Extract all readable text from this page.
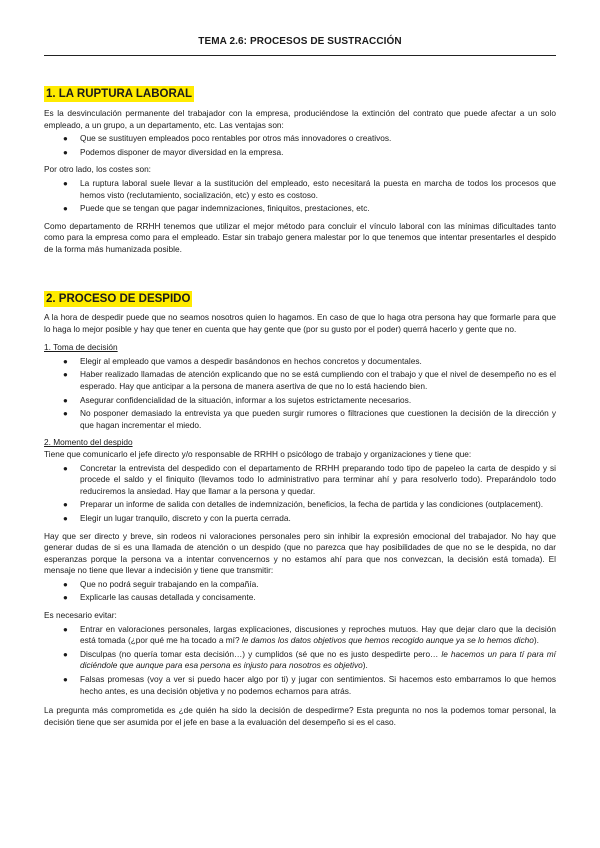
TEMA 2.6: PROCESOS DE SUSTRACCIÓN
1. LA RUPTURA LABORAL

Es la desvinculación permanente del trabajador con la empresa, produciéndose la extinción del contrato que puede afectar a un solo empleado, a un grupo, a un departamento, etc. Las ventajas son:

● Que se sustituyen empleados poco rentables por otros más innovadores o creativos.
● Podemos disponer de mayor diversidad en la empresa.

Por otro lado, los costes son:

● La ruptura laboral suele llevar a la sustitución del empleado, esto necesitará la puesta en marcha de todos los procesos que hemos visto (reclutamiento, socialización, etc) y esto es costoso.
● Puede que se tengan que pagar indemnizaciones, finiquitos, prestaciones, etc.

Como departamento de RRHH tenemos que utilizar el mejor método para concluir el vínculo laboral con las mínimas dificultades tanto como para la empresa como para el empleado. Estar sin trabajo genera malestar por lo que tenemos que intentar presentarles el despido de la forma más humanizada posible.

2. PROCESO DE DESPIDO

A la hora de despedir puede que no seamos nosotros quien lo hagamos. En caso de que lo haga otra persona hay que formarle para que lo haga lo mejor posible y hay que tener en cuenta que hay gente que (por su gusto por el poder) querrá hacerlo y gente que no.

1. Toma de decisión

● Elegir al empleado que vamos a despedir basándonos en hechos concretos y documentales.
● Haber realizado llamadas de atención explicando que no se está cumpliendo con el trabajo y que el nivel de desempeño no es el esperado. Hay que anticipar a la persona de manera asertiva de que no lo está haciendo bien.
● Asegurar confidencialidad de la situación, informar a los sujetos estrictamente necesarios.
● No posponer demasiado la entrevista ya que pueden surgir rumores o filtraciones que cuestionen la decisión de la dirección y que hagan incrementar el miedo.

2. Momento del despido

Tiene que comunicarlo el jefe directo y/o responsable de RRHH o psicólogo de trabajo y organizaciones y tiene que:

● Concretar la entrevista del despedido con el departamento de RRHH preparando todo tipo de papeleo la carta de despido y si procede el saldo y el finiquito (llevamos todo lo administrativo para terminar ahí y para resolverlo todo). Preparándolo todo reduciremos la ansiedad. Hay que llamar a la persona y quedar.
● Preparar un informe de salida con detalles de indemnización, beneficios, la fecha de partida y las condiciones (outplacement).
● Elegir un lugar tranquilo, discreto y con la puerta cerrada.

Hay que ser directo y breve, sin rodeos ni valoraciones personales pero sin inhibir la expresión emocional del trabajador. No hay que generar dudas de si es una llamada de atención o un despido (que no parezca que hay posibilidades de que no se le despida, no dar esperanzas porque la persona va a intentar convencernos y no estamos ahí para que nos convezcan, la decisión está tomada). El mensaje no tiene que llevar a indecisión y tiene que transmitir:

● Que no podrá seguir trabajando en la compañía.
● Explicarle las causas detallada y concisamente.

Es necesario evitar:

● Entrar en valoraciones personales, largas explicaciones, discusiones y reproches mutuos. Hay que dejar claro que la decisión está tomada (¿por qué me ha tocado a mí? le damos los datos objetivos que hemos recogido aunque ya se lo hemos dicho).
● Disculpas (no quería tomar esta decisión…) y cumplidos (sé que no es justo despedirte pero… le hacemos un para tí para mí diciéndole que aunque para esa persona es injusto para nosotros es objetivo).
● Falsas promesas (voy a ver si puedo hacer algo por ti) y jugar con sentimientos. Si hacemos esto embarramos lo que hemos hecho antes, es una decisión objetiva y no podemos echarnos para atrás.

La pregunta más comprometida es ¿de quién ha sido la decisión de despedirme? Esta pregunta no nos la podemos tomar personal, la decisión tiene que ser asumida por el jefe en base a la evaluación del desempeño si es el caso.
